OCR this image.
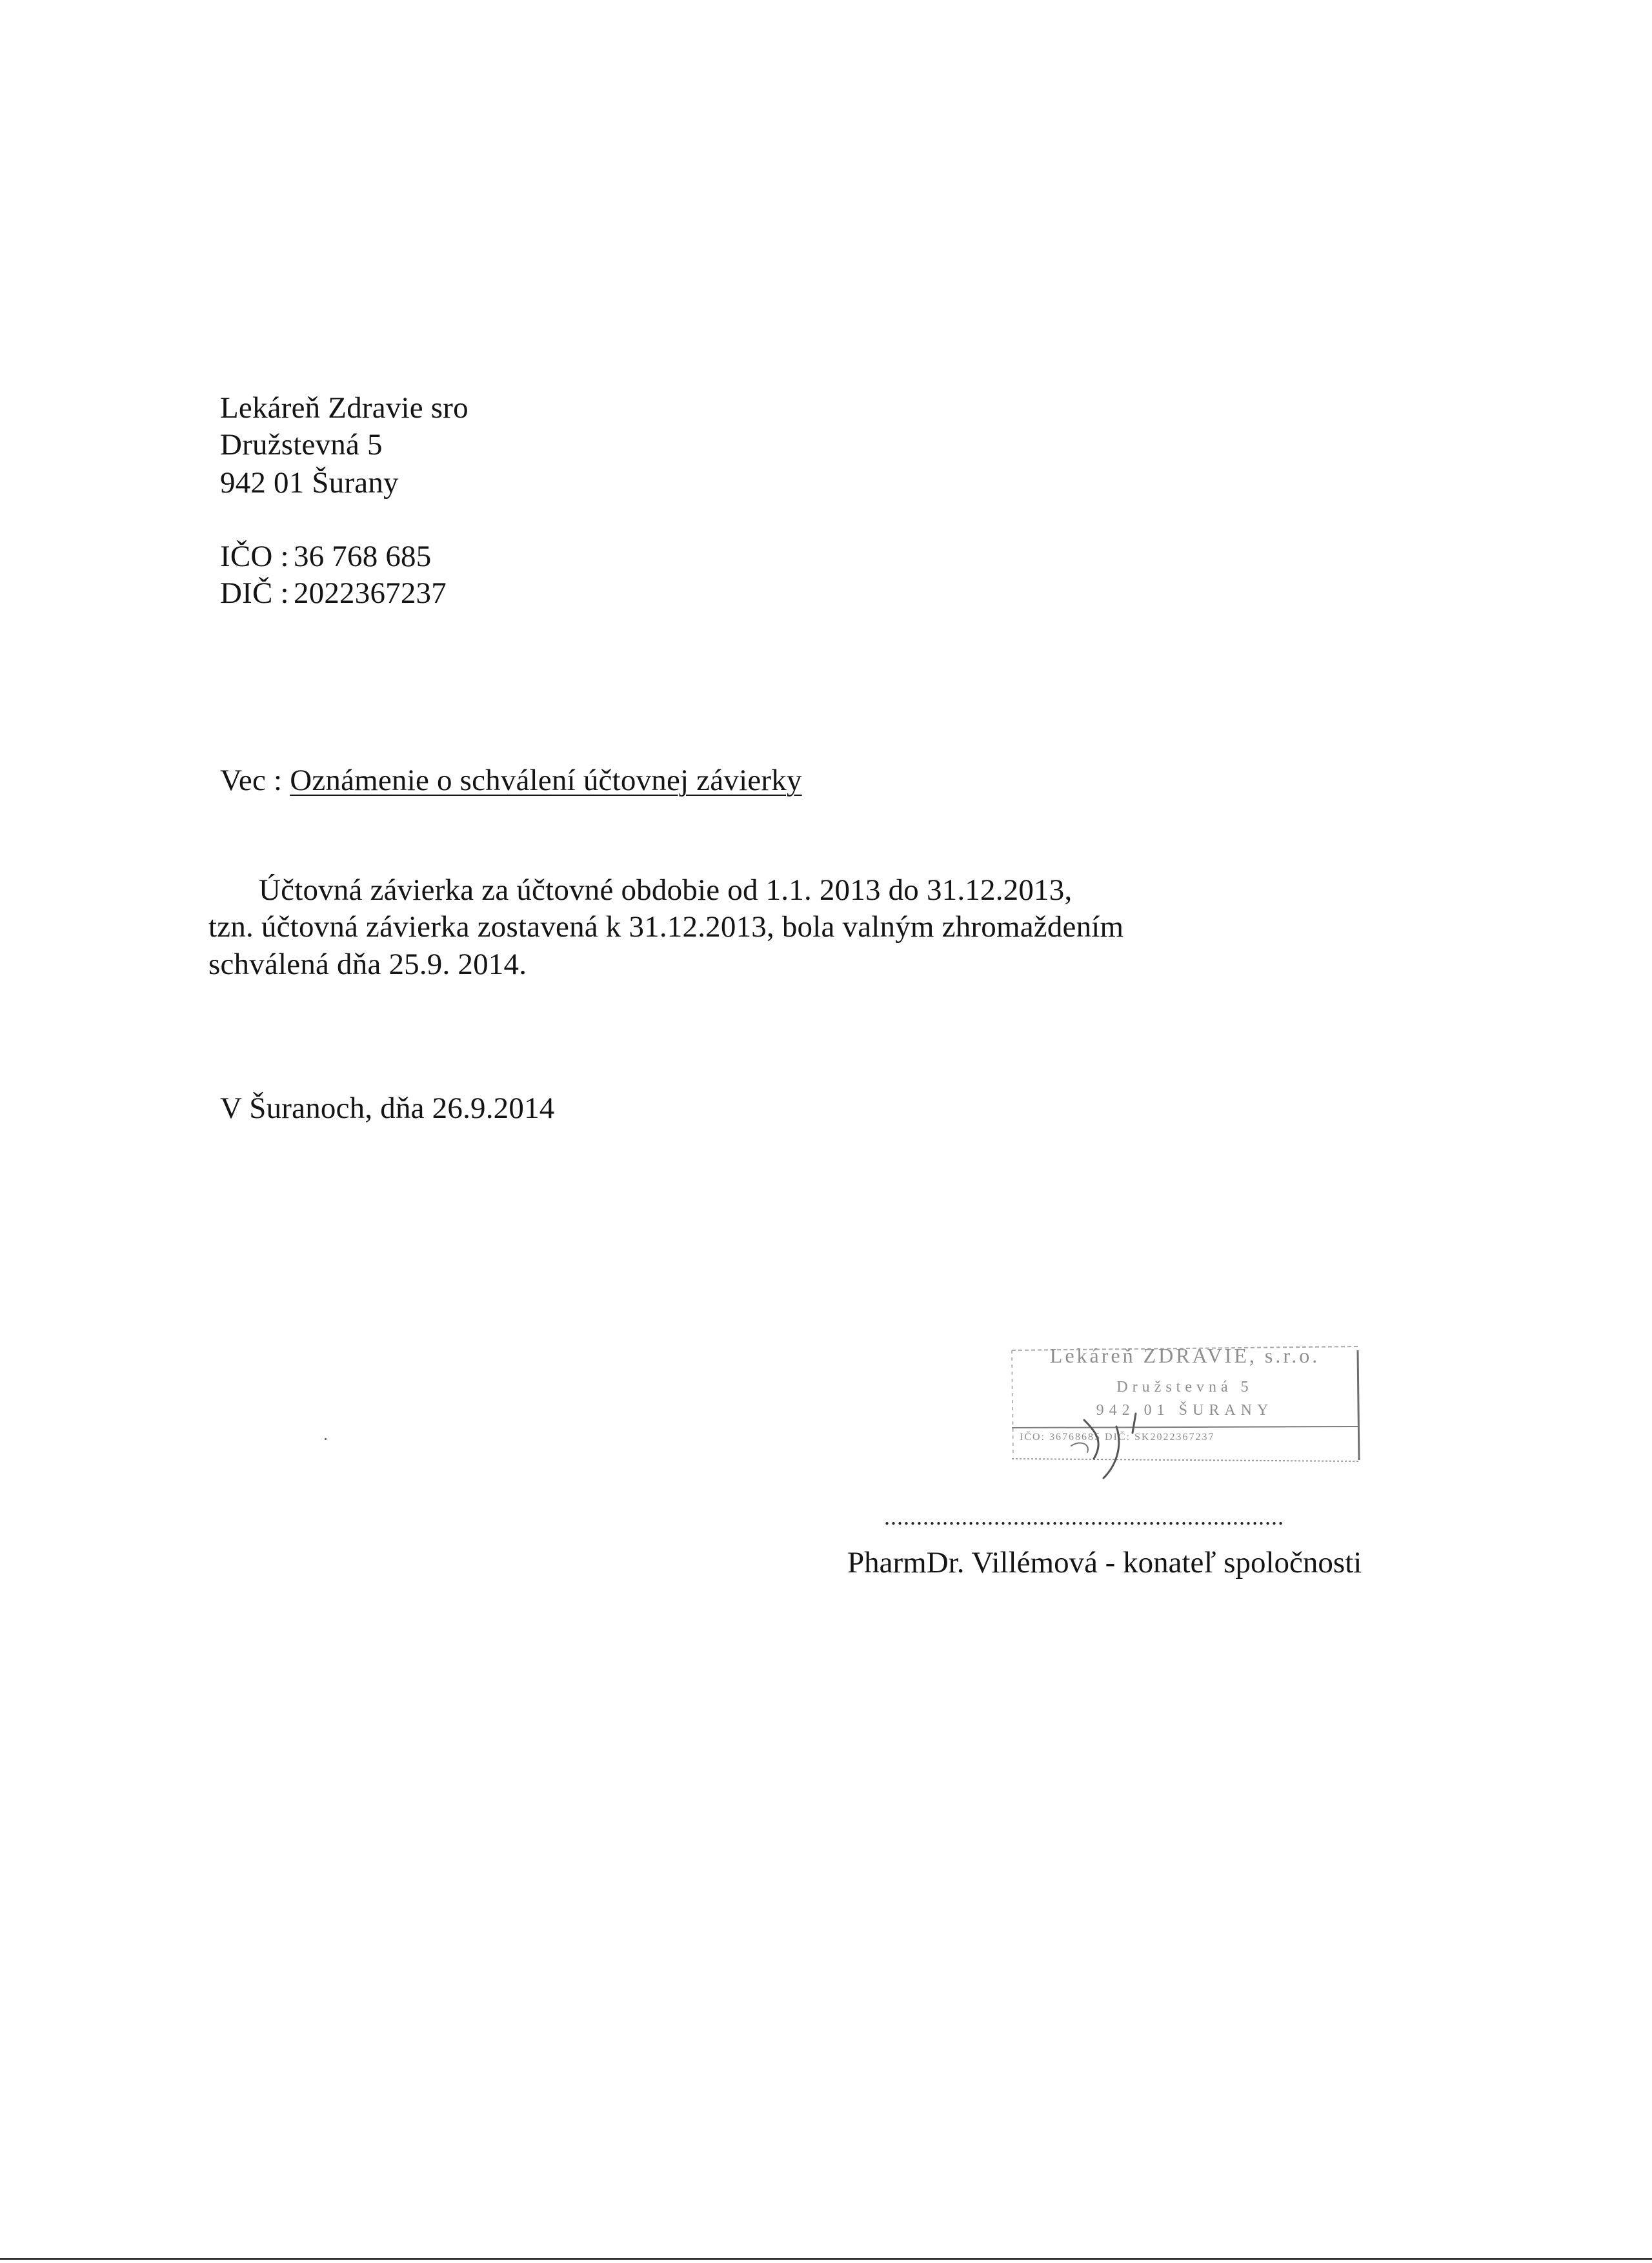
Lekáreň Zdravie sro
Družstevná 5
942 01 Šurany
IČO : 36 768 685
DIČ : 2022367237
Vec : Oznámenie o schválení účtovnej závierky
Účtovná závierka za účtovné obdobie od 1.1. 2013 do 31.12.2013,
tzn. účtovná závierka zostavená k 31.12.2013, bola valným zhromaždením
schválená dňa 25.9. 2014.
V Šuranoch, dňa 26.9.2014
Lekáreň ZDRAVIE, s.r.o.
Družstevná 5
942 01 ŠURANY
IČO: 36768685 DIČ: SK2022367237
..............................................................
PharmDr. Villémová - konateľ spoločnosti
